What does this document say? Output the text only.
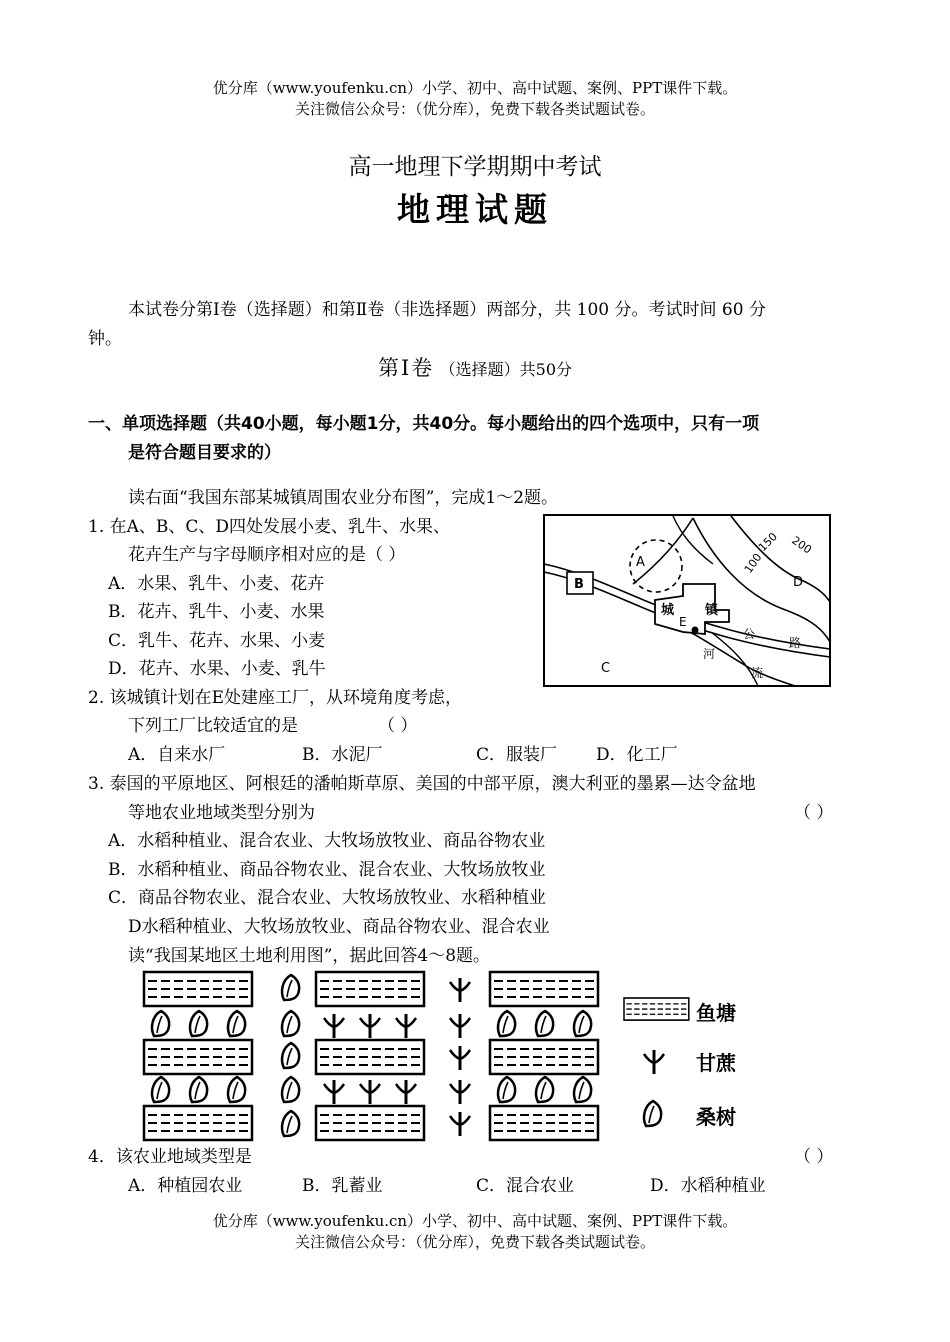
优分库（www.youfenku.cn）小学、初中、高中试题、案例、PPT课件下载。
关注微信公众号：（优分库），免费下载各类试题试卷。
高一地理下学期期中考试
地理试题
本试卷分第Ⅰ卷（选择题）和第Ⅱ卷（非选择题）两部分，共 100 分。考试时间 60 分
钟。
第Ⅰ卷 （选择题）共50分
一、单项选择题（共40小题，每小题1分，共40分。每小题给出的四个选项中，只有一项
是符合题目要求的）
读右面“我国东部某城镇周围农业分布图”，完成1～2题。
1. 在A、B、C、D四处发展小麦、乳牛、水果、
花卉生产与字母顺序相对应的是（ ）
A．水果、乳牛、小麦、花卉
B．花卉、乳牛、小麦、水果
C．乳牛、花卉、水果、小麦
D．花卉、水果、小麦、乳牛
A
B
C
D
E
100
150 200
城 镇
公
路
河
流
2. 该城镇计划在E处建座工厂，从环境角度考虑，
下列工厂比较适宜的是	（ ）
A．自来水厂	B．水泥厂	C．服装厂 D．化工厂
3. 泰国的平原地区、阿根廷的潘帕斯草原、美国的中部平原，澳大利亚的墨累—达令盆地
等地农业地域类型分别为	（ ）
A．水稻种植业、混合农业、大牧场放牧业、商品谷物农业
B．水稻种植业、商品谷物农业、混合农业、大牧场放牧业
C．商品谷物农业、混合农业、大牧场放牧业、水稻种植业
D水稻种植业、大牧场放牧业、商品谷物农业、混合农业
读“我国某地区土地利用图”，据此回答4～8题。
鱼塘
甘蔗
桑树
4．该农业地域类型是	（ ）
A．种植园农业	B．乳蓄业	C．混合农业	D．水稻种植业
优分库（www.youfenku.cn）小学、初中、高中试题、案例、PPT课件下载。
关注微信公众号：（优分库），免费下载各类试题试卷。
